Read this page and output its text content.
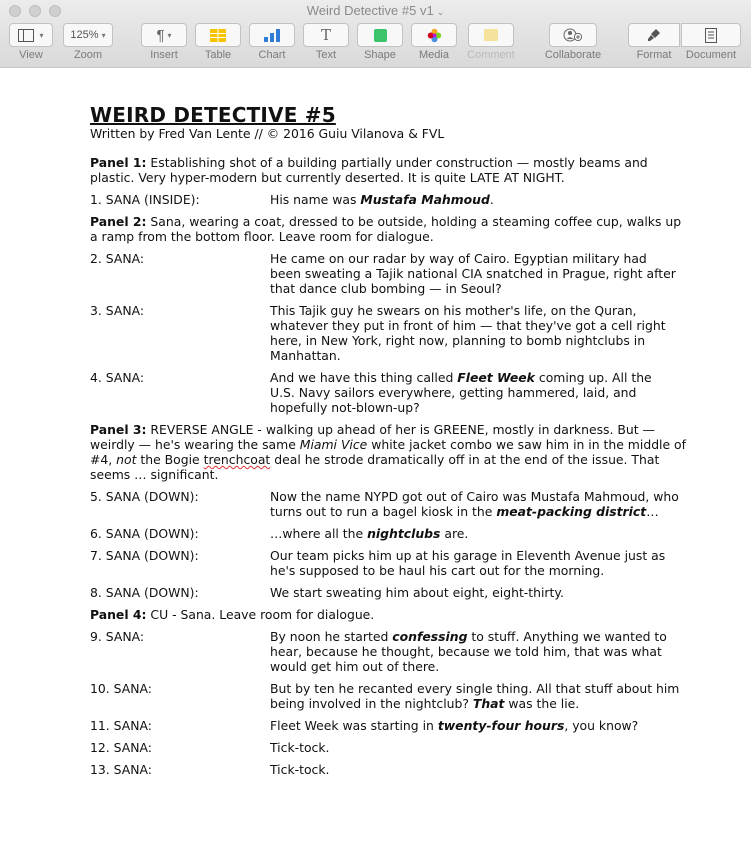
Weird Detective #5 v1 ⌄
▾
View
125% ▾
Zoom
¶ ▾
Insert	Table	Chart
T
Text	Shape	Media	Comment	Collaborate	Format	Document
WEIRD DETECTIVE #5
Written by Fred Van Lente // © 2016 Guiu Vilanova & FVL
Panel 1: Establishing shot of a building partially under construction — mostly beams and plastic. Very hyper-modern but currently deserted. It is quite LATE AT NIGHT.
1. SANA (INSIDE):	His name was Mustafa Mahmoud.
Panel 2: Sana, wearing a coat, dressed to be outside, holding a steaming coffee cup, walks up a ramp from the bottom floor. Leave room for dialogue.
2. SANA:	He came on our radar by way of Cairo. Egyptian military had been sweating a Tajik national CIA snatched in Prague, right after that dance club bombing — in Seoul?
3. SANA:	This Tajik guy he swears on his mother's life, on the Quran, whatever they put in front of him — that they've got a cell right here, in New York, right now, planning to bomb nightclubs in Manhattan.
4. SANA:	And we have this thing called Fleet Week coming up. All the U.S. Navy sailors everywhere, getting hammered, laid, and hopefully not-blown-up?
Panel 3: REVERSE ANGLE - walking up ahead of her is GREENE, mostly in darkness. But — weirdly — he's wearing the same Miami Vice white jacket combo we saw him in in the middle of #4, not the Bogie trenchcoat deal he strode dramatically off in at the end of the issue. That seems … significant.
5. SANA (DOWN):	Now the name NYPD got out of Cairo was Mustafa Mahmoud, who turns out to run a bagel kiosk in the meat-packing district…
6. SANA (DOWN):	…where all the nightclubs are.
7. SANA (DOWN):	Our team picks him up at his garage in Eleventh Avenue just as he's supposed to be haul his cart out for the morning.
8. SANA (DOWN):	We start sweating him about eight, eight-thirty.
Panel 4: CU - Sana. Leave room for dialogue.
9. SANA:	By noon he started confessing to stuff. Anything we wanted to hear, because he thought, because we told him, that was what would get him out of there.
10. SANA:	But by ten he recanted every single thing. All that stuff about him being involved in the nightclub? That was the lie.
11. SANA:	Fleet Week was starting in twenty-four hours, you know?
12. SANA:	Tick-tock.
13. SANA:	Tick-tock.
